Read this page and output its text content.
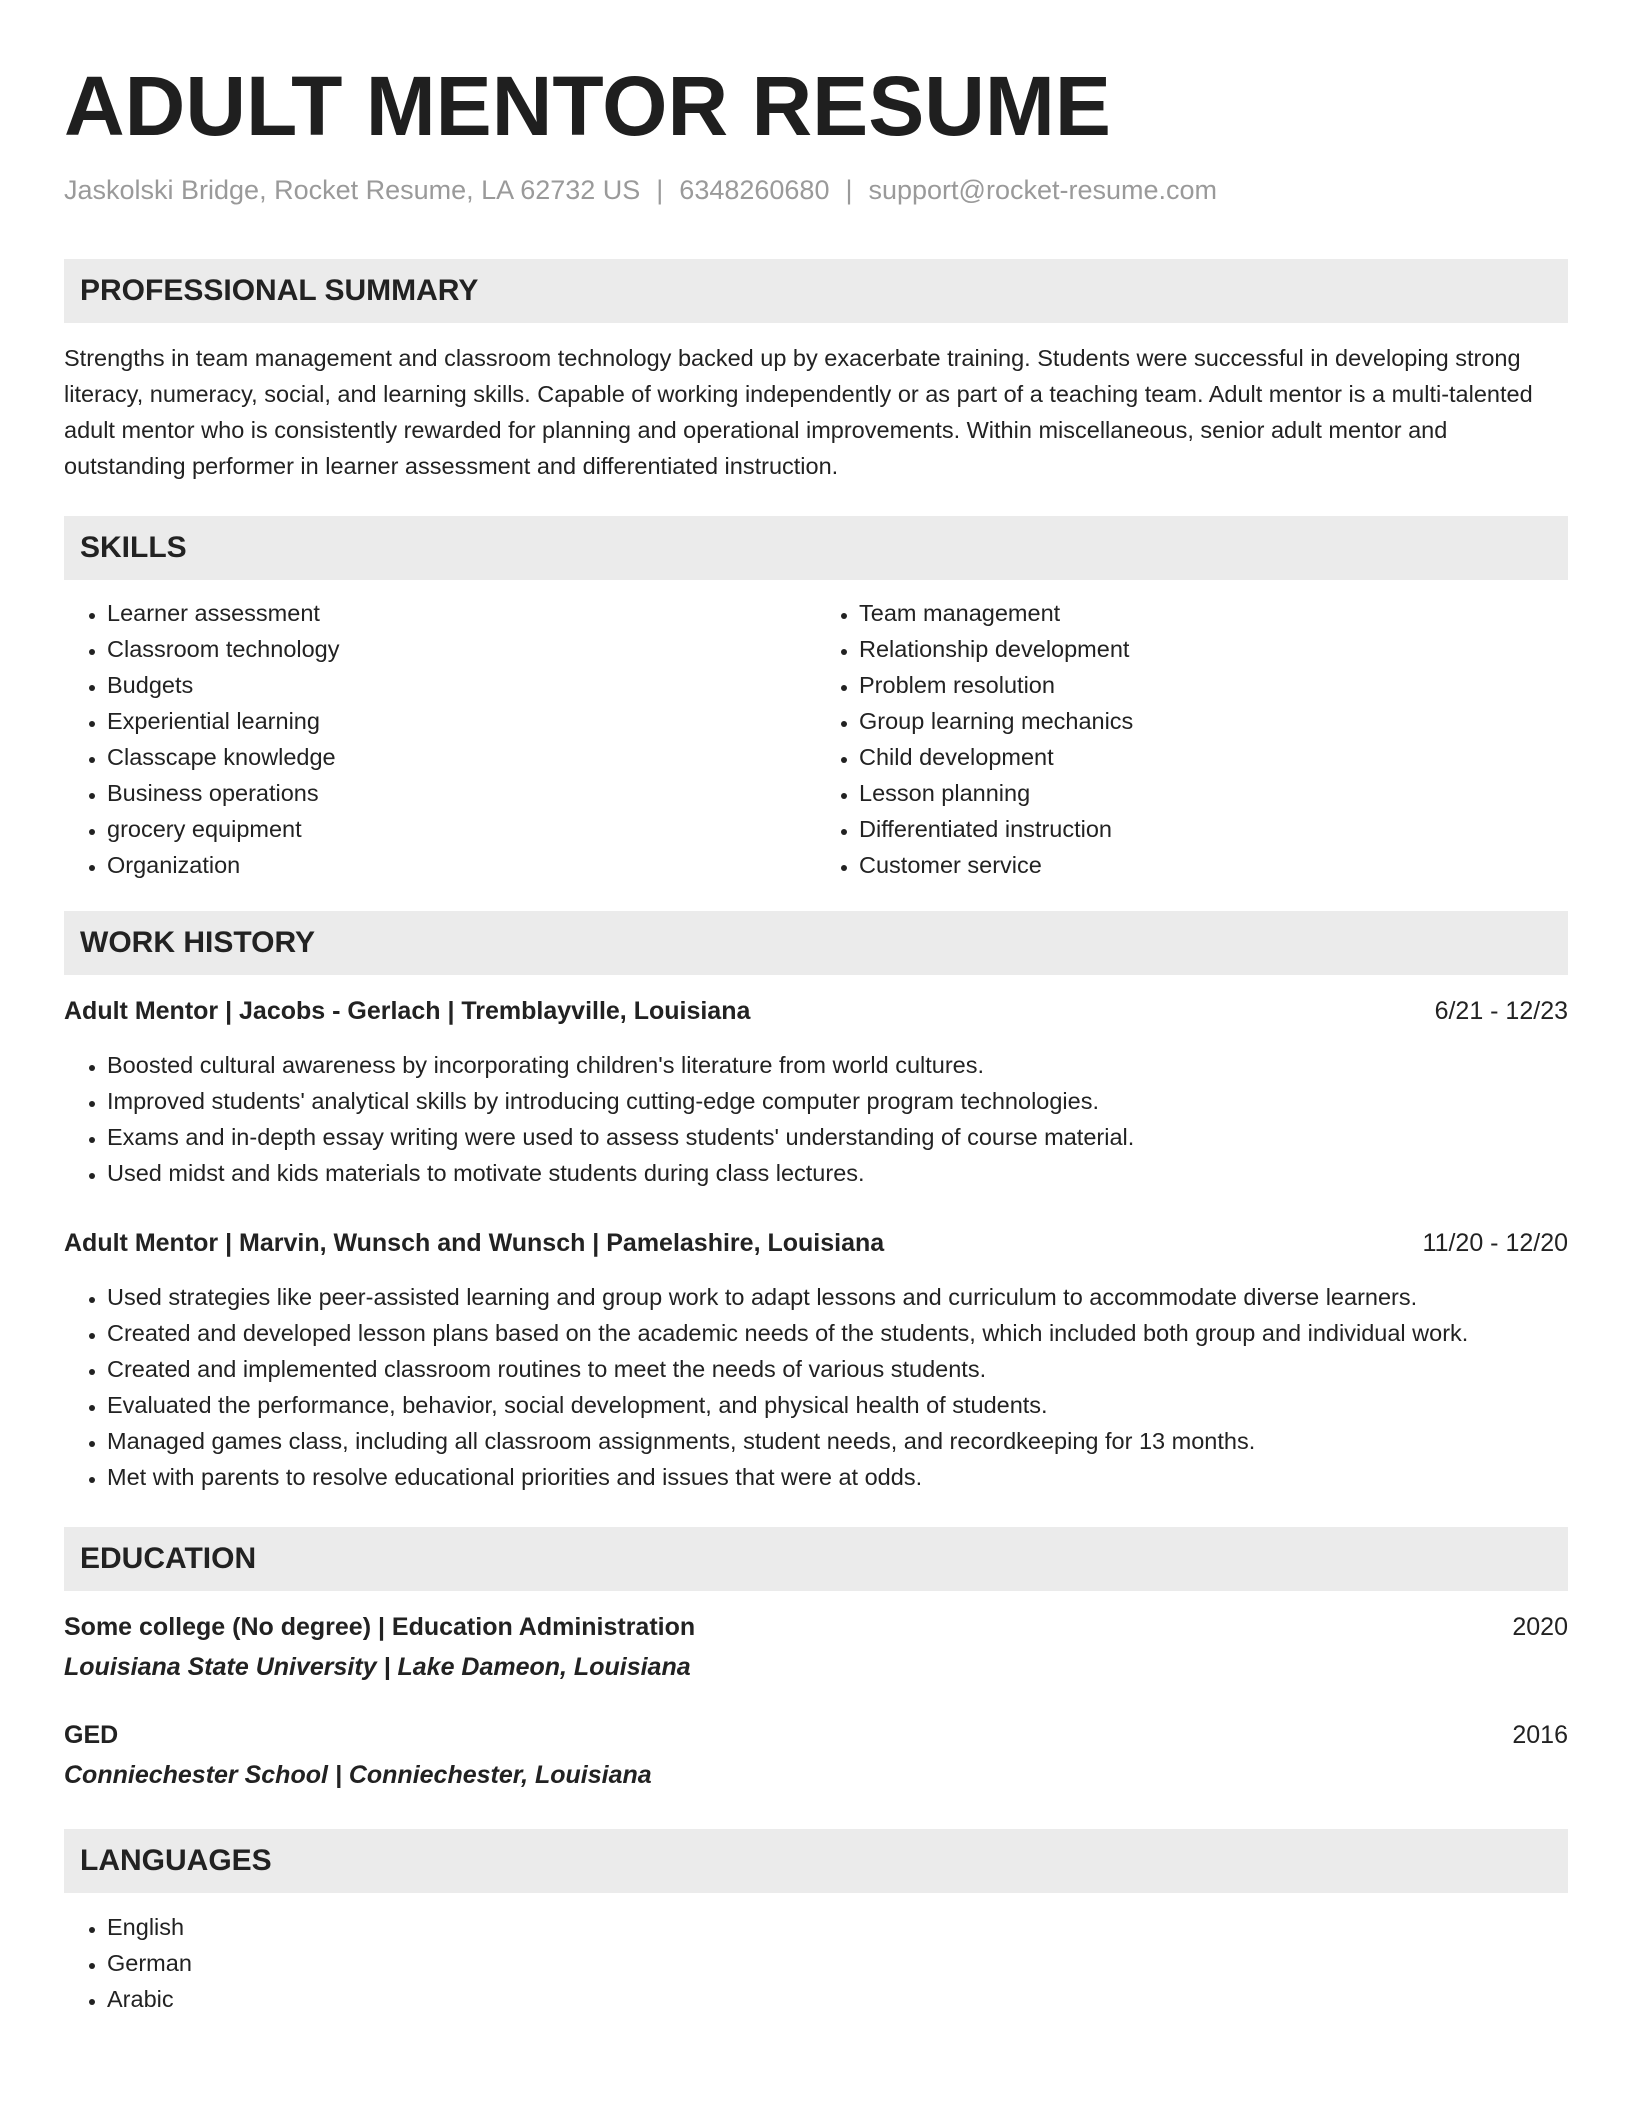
ADULT MENTOR RESUME
Jaskolski Bridge, Rocket Resume, LA 62732 US | 6348260680 | support@rocket-resume.com
PROFESSIONAL SUMMARY
Strengths in team management and classroom technology backed up by exacerbate training. Students were successful in developing strong literacy, numeracy, social, and learning skills. Capable of working independently or as part of a teaching team. Adult mentor is a multi-talented adult mentor who is consistently rewarded for planning and operational improvements. Within miscellaneous, senior adult mentor and outstanding performer in learner assessment and differentiated instruction.
SKILLS
• Learner assessment
• Classroom technology
• Budgets
• Experiential learning
• Classcape knowledge
• Business operations
• grocery equipment
• Organization
• Team management
• Relationship development
• Problem resolution
• Group learning mechanics
• Child development
• Lesson planning
• Differentiated instruction
• Customer service
WORK HISTORY
Adult Mentor | Jacobs - Gerlach | Tremblayville, Louisiana	6/21 - 12/23
• Boosted cultural awareness by incorporating children's literature from world cultures.
• Improved students' analytical skills by introducing cutting-edge computer program technologies.
• Exams and in-depth essay writing were used to assess students' understanding of course material.
• Used midst and kids materials to motivate students during class lectures.
Adult Mentor | Marvin, Wunsch and Wunsch | Pamelashire, Louisiana	11/20 - 12/20
• Used strategies like peer-assisted learning and group work to adapt lessons and curriculum to accommodate diverse learners.
• Created and developed lesson plans based on the academic needs of the students, which included both group and individual work.
• Created and implemented classroom routines to meet the needs of various students.
• Evaluated the performance, behavior, social development, and physical health of students.
• Managed games class, including all classroom assignments, student needs, and recordkeeping for 13 months.
• Met with parents to resolve educational priorities and issues that were at odds.
EDUCATION
Some college (No degree) | Education Administration	2020
Louisiana State University | Lake Dameon, Louisiana
GED	2016
Conniechester School | Conniechester, Louisiana
LANGUAGES
• English
• German
• Arabic
